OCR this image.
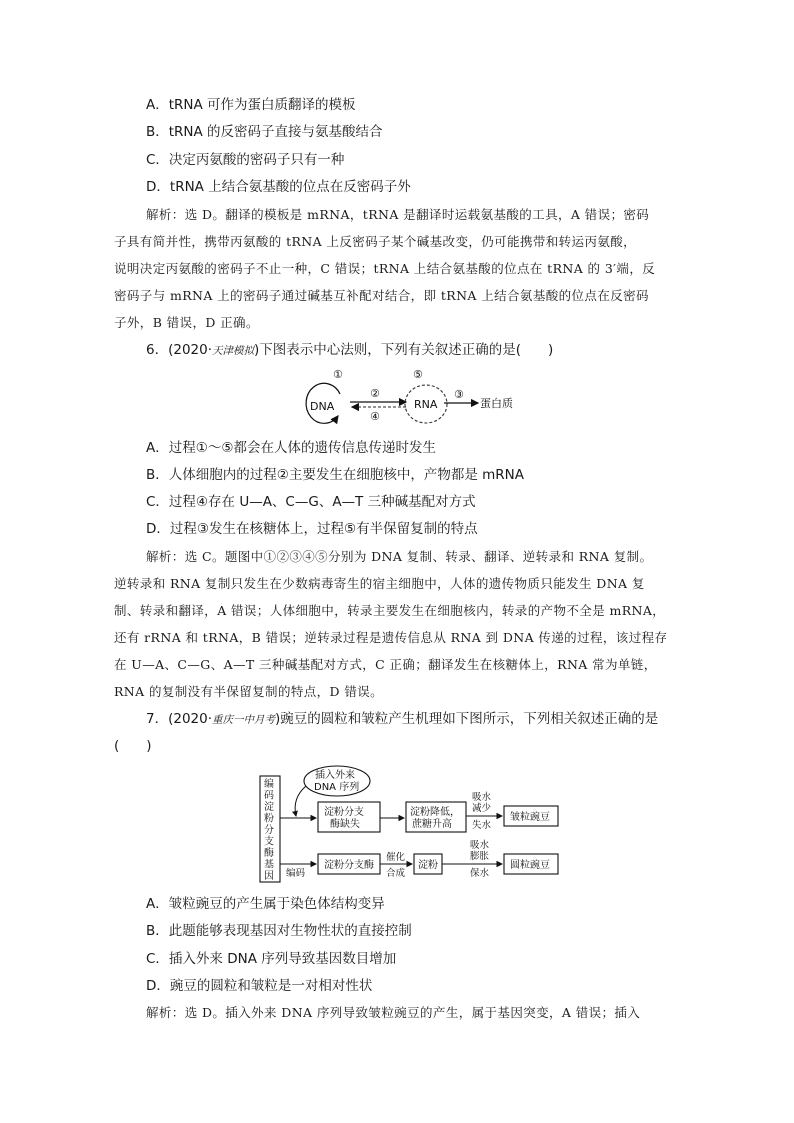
A．tRNA 可作为蛋白质翻译的模板
B．tRNA 的反密码子直接与氨基酸结合
C．决定丙氨酸的密码子只有一种
D．tRNA 上结合氨基酸的位点在反密码子外
解析：选 D。翻译的模板是 mRNA，tRNA 是翻译时运载氨基酸的工具，A 错误；密码
子具有简并性，携带丙氨酸的 tRNA 上反密码子某个碱基改变，仍可能携带和转运丙氨酸，
说明决定丙氨酸的密码子不止一种，C 错误；tRNA 上结合氨基酸的位点在 tRNA 的 3′端，反
密码子与 mRNA 上的密码子通过碱基互补配对结合，即 tRNA 上结合氨基酸的位点在反密码
子外，B 错误，D 正确。
6．(2020·天津模拟)下图表示中心法则，下列有关叙述正确的是(　　)
①
DNA
②
④
⑤
RNA
③
蛋白质
A．过程①～⑤都会在人体的遗传信息传递时发生
B．人体细胞内的过程②主要发生在细胞核中，产物都是 mRNA
C．过程④存在 U—A、C—G、A—T 三种碱基配对方式
D．过程③发生在核糖体上，过程⑤有半保留复制的特点
解析：选 C。题图中①②③④⑤分别为 DNA 复制、转录、翻译、逆转录和 RNA 复制。
逆转录和 RNA 复制只发生在少数病毒寄生的宿主细胞中，人体的遗传物质只能发生 DNA 复
制、转录和翻译，A 错误；人体细胞中，转录主要发生在细胞核内，转录的产物不全是 mRNA，
还有 rRNA 和 tRNA，B 错误；逆转录过程是遗传信息从 RNA 到 DNA 传递的过程，该过程存
在 U—A、C—G、A—T 三种碱基配对方式，C 正确；翻译发生在核糖体上，RNA 常为单链，
RNA 的复制没有半保留复制的特点，D 错误。
7．(2020·重庆一中月考)豌豆的圆粒和皱粒产生机理如下图所示，下列相关叙述正确的是
(　　)
编
码
淀
粉
分
支
酶
基
因
插入外来
DNA 序列
淀粉分支
酶缺失
淀粉降低，
蔗糖升高
吸水
减少
失水
皱粒豌豆
编码
淀粉分支酶
催化
合成
淀粉
吸水
膨胀
保水
圆粒豌豆
A．皱粒豌豆的产生属于染色体结构变异
B．此题能够表现基因对生物性状的直接控制
C．插入外来 DNA 序列导致基因数目增加
D．豌豆的圆粒和皱粒是一对相对性状
解析：选 D。插入外来 DNA 序列导致皱粒豌豆的产生，属于基因突变，A 错误；插入
